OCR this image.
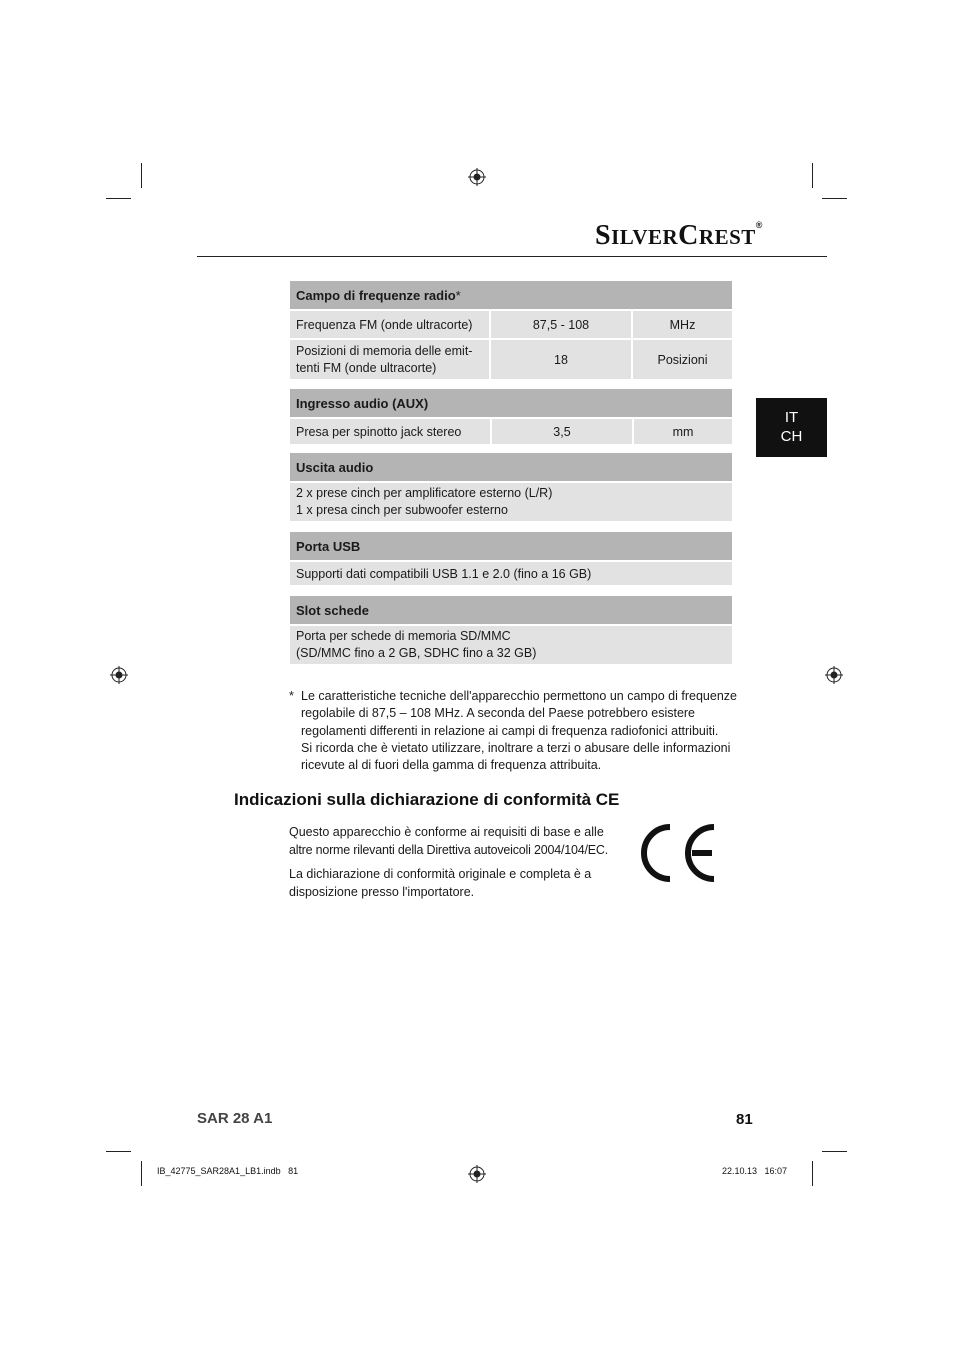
SILVERCREST®
IT
CH
Campo di frequenze radio*		
Frequenza FM (onde ultracorte)	87,5 - 108	MHz

Posizioni di memoria delle emit-
tenti FM (onde ultracorte)	18	Posizioni
Ingresso audio (AUX)
Presa per spinotto jack stereo	3,5	mm
Uscita audio

2 x prese cinch per amplificatore esterno (L/R)
1 x presa cinch per subwoofer esterno
Porta USB
Supporti dati compatibili USB 1.1 e 2.0 (fino a 16 GB)
Slot schede

Porta per schede di memoria SD/MMC
(SD/MMC fino a 2 GB, SDHC fino a 32 GB)
* Le caratteristiche tecniche dell'apparecchio permettono un campo di frequenze
regolabile di 87,5 – 108 MHz. A seconda del Paese potrebbero esistere
regolamenti differenti in relazione ai campi di frequenza radiofonici attribuiti.
Si ricorda che è vietato utilizzare, inoltrare a terzi o abusare delle informazioni
ricevute al di fuori della gamma di frequenza attribuita.
Indicazioni sulla dichiarazione di conformità CE
Questo apparecchio è conforme ai requisiti di base e alle
altre norme rilevanti della Direttiva autoveicoli 2004/104/EC.
La dichiarazione di conformità originale e completa è a
disposizione presso l'importatore.
SAR 28 A1	81
IB_42775_SAR28A1_LB1.indb   81	22.10.13   16:07
